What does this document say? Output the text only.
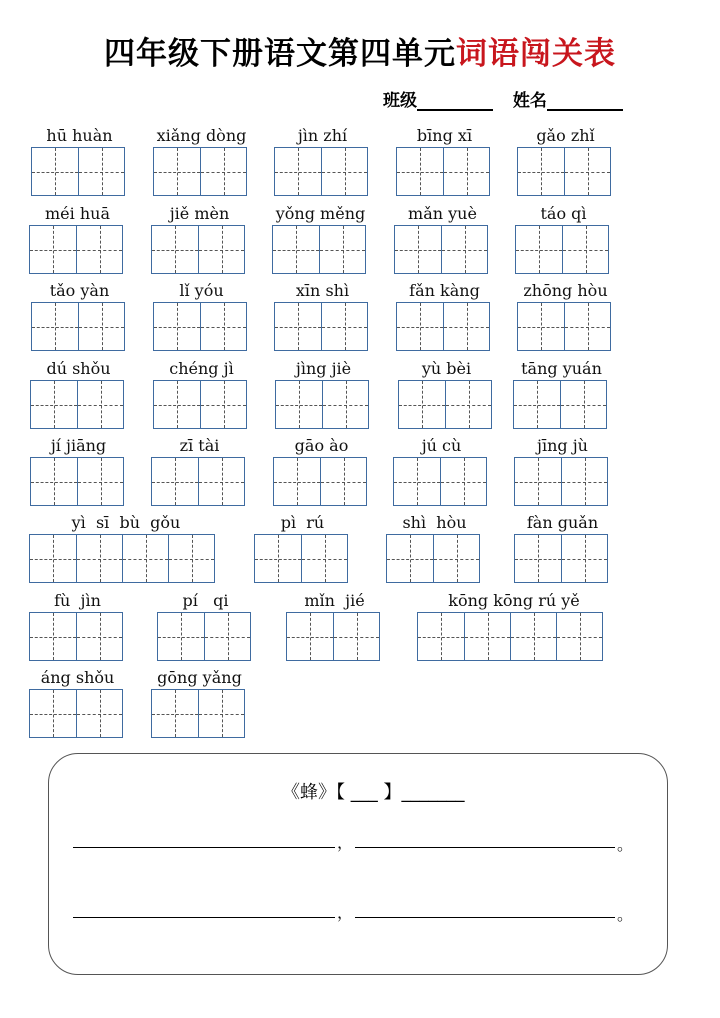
四年级下册语文第四单元词语闯关表
班级	姓名
hū huàn	xiǎng dòng	jìn zhí	bīng xī	gǎo zhǐ
méi huā	jiě mèn	yǒng měng	mǎn yuè	táo qì
tǎo yàn	lǐ yóu	xīn shì	fǎn kàng	zhōng hòu
dú shǒu	chéng jì	jìng jiè	yù bèi	tāng yuán
jí jiāng	zī tài	gāo ào	jú cù	jīng jù
yì  sī  bù  gǒu	pì  rú	shì  hòu	fàn guǎn
fù  jìn	pí   qi	mǐn  jié	kōng kōng rú yě
áng shǒu	gōng yǎng
《蜂》【 ___ 】_______
，	。
，	。
